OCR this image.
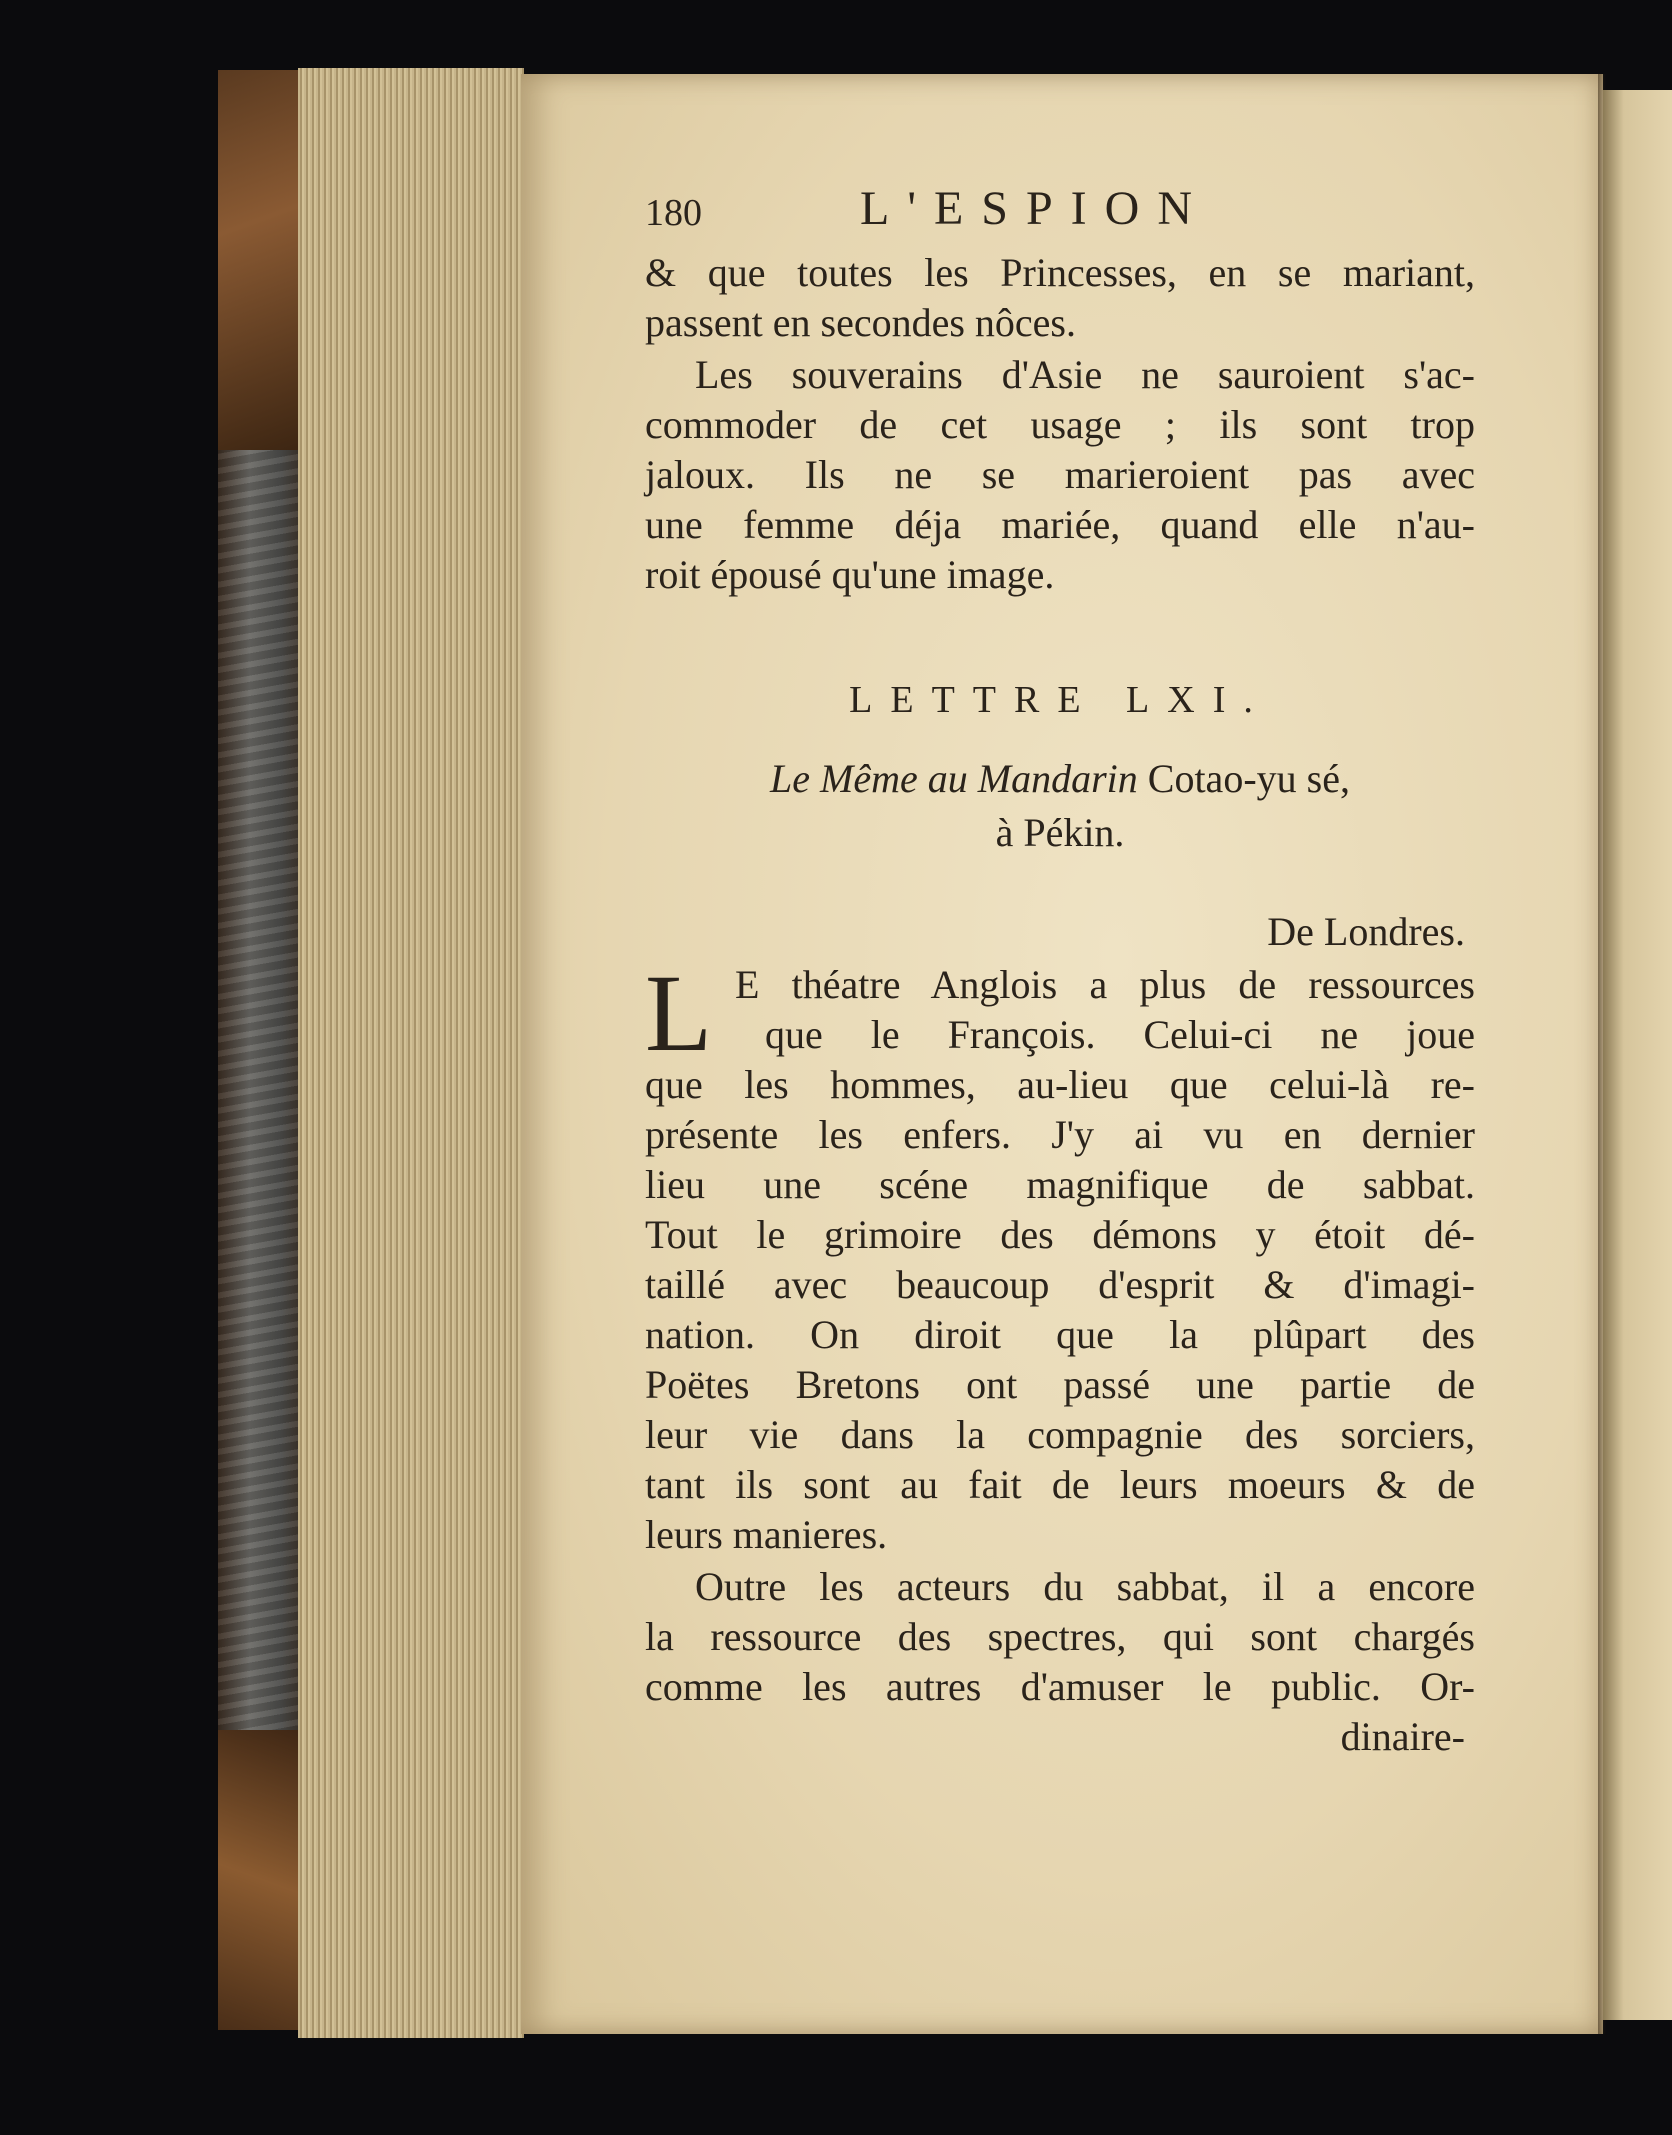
180	L'ESPION
& que toutes les Princesses, en se mariant,
passent en secondes nôces.
Les souverains d'Asie ne sauroient s'ac-
commoder de cet usage ; ils sont trop
jaloux. Ils ne se marieroient pas avec
une femme déja mariée, quand elle n'au-
roit épousé qu'une image.
LETTRE LXI.
Le Même au Mandarin Cotao-yu sé,
à Pékin.
De Londres.
L E théatre Anglois a plus de ressources
que le François. Celui-ci ne joue
que les hommes, au-lieu que celui-là re-
présente les enfers. J'y ai vu en dernier
lieu une scéne magnifique de sabbat.
Tout le grimoire des démons y étoit dé-
taillé avec beaucoup d'esprit & d'imagi-
nation. On diroit que la plûpart des
Poëtes Bretons ont passé une partie de
leur vie dans la compagnie des sorciers,
tant ils sont au fait de leurs moeurs & de
leurs manieres.
Outre les acteurs du sabbat, il a encore
la ressource des spectres, qui sont chargés
comme les autres d'amuser le public. Or-
dinaire-
